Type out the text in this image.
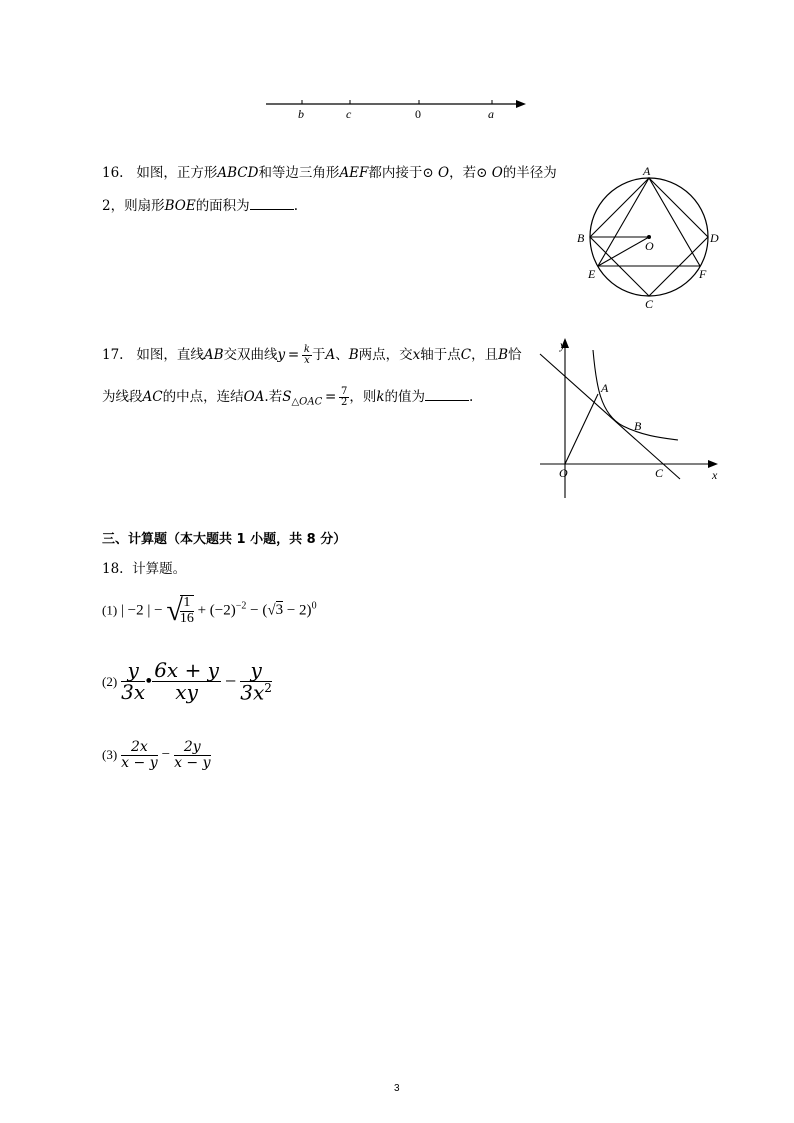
b	c	0	a
16. 如图，正方形ABCD和等边三角形AEF都内接于⊙ O，若⊙ O的半径为
2，则扇形BOE的面积为	.
A
B	D
O
E	F
C
17. 如图，直线AB交双曲线$y = \frac{k}{x}$ 于A、B两点，交x轴于点C，且B恰
为线段AC的中点，连结OA.若$S_{\triangle OAC} = \frac{7}{2}$ ，则k的值为	.
y
x
O
A
B
C
三、计算题（本大题共 1 小题，共 8 分）
18. 计算题。
(1) | −2 | − √
$\frac{1}{16} + (-2)^{-2} - (√3 - 2)^0$
$(2) \frac{y}{3x}$ • $\frac{6x + y}{xy} - \frac{y}{3x^2}$
$(3) \frac{2x}{x - y} - \frac{2y}{x - y}$
3
